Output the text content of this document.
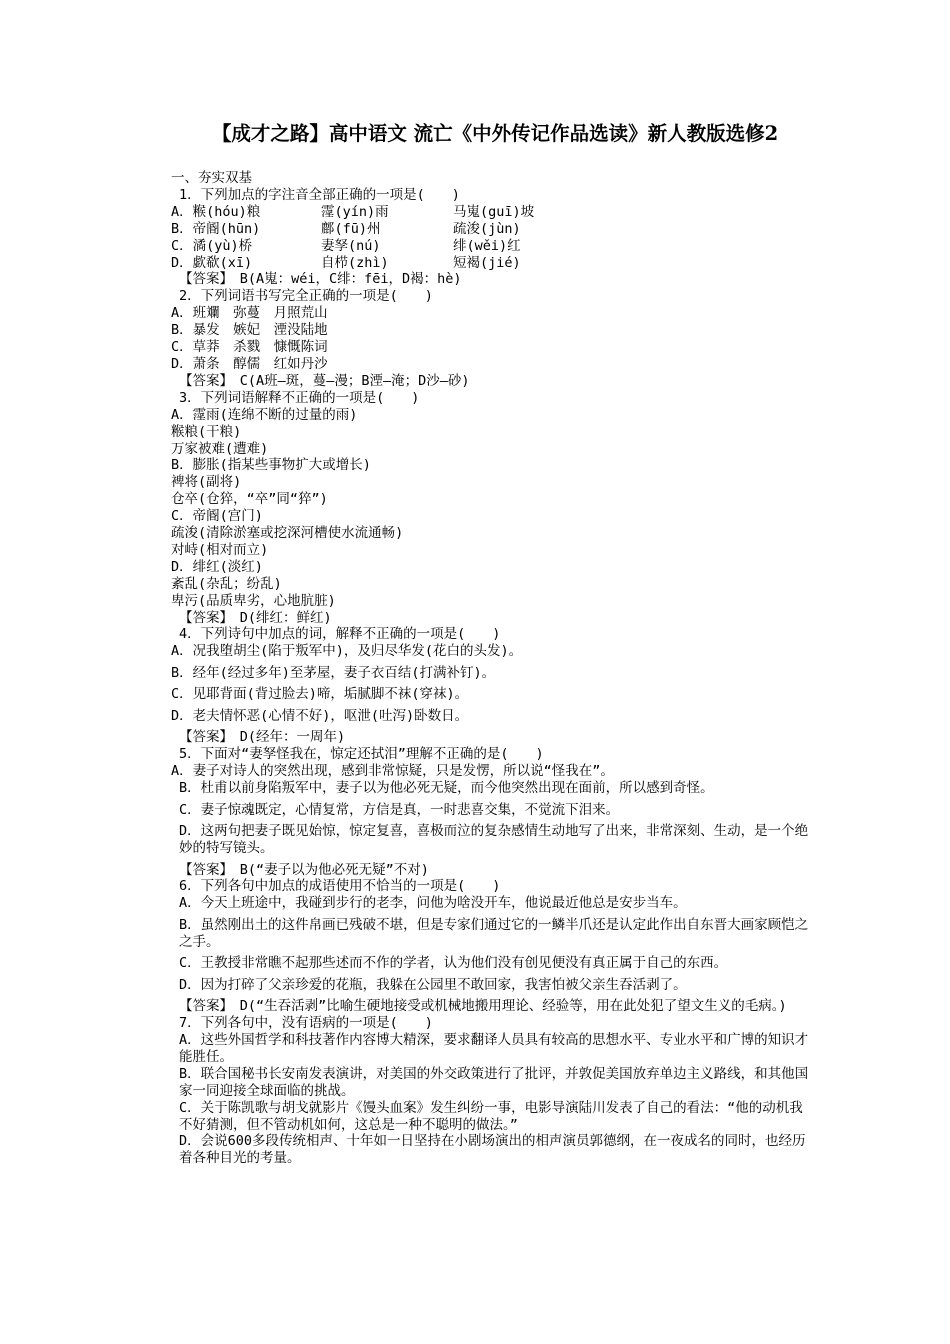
【成才之路】高中语文 流亡《中外传记作品选读》新人教版选修2
一、夯实双基
1．下列加点的字注音全部正确的一项是(　　)
A．糇(hóu)粮	霪(yín)雨	马嵬(guī)坡
B．帝阍(hūn)	鄜(fū)州	疏浚(jùn)
C．潏(yù)桥	妻孥(nú)	绯(wěi)红
D．歔欷(xī)	自栉(zhì)	短褐(jié)
【答案】　B(A嵬：wéi，C绯：fēi，D褐：hè)
2．下列词语书写完全正确的一项是(　　)
A．班斕　弥蔓　月照荒山
B．暴发　嫉妃　湮没陆地
C．草莽　杀戮　慷慨陈词
D．萧条　醇儒　红如丹沙
【答案】　C(A班—斑，蔓—漫；B湮—淹；D沙—砂)
3．下列词语解释不正确的一项是(　　)
A．霪雨(连绵不断的过量的雨)
糇粮(干粮)
万家被难(遭难)
B．膨胀(指某些事物扩大或增长)
裨将(副将)
仓卒(仓猝，“卒”同“猝”)
C．帝阍(宫门)
疏浚(清除淤塞或挖深河槽使水流通畅)
对峙(相对而立)
D．绯红(淡红)
紊乱(杂乱；纷乱)
卑污(品质卑劣，心地肮脏)
【答案】　D(绯红：鲜红)
4．下列诗句中加点的词，解释不正确的一项是(　　)
A．况我堕胡尘(陷于叛军中)，及归尽华发(花白的头发)。
B．经年(经过多年)至茅屋，妻子衣百结(打满补钉)。
C．见耶背面(背过脸去)啼，垢腻脚不袜(穿袜)。
D．老夫情怀恶(心情不好)，呕泄(吐泻)卧数日。
【答案】　D(经年：一周年)
5．下面对“妻孥怪我在，惊定还拭泪”理解不正确的是(　　)
A．妻子对诗人的突然出现，感到非常惊疑，只是发愣，所以说“怪我在”。
B．杜甫以前身陷叛军中，妻子以为他必死无疑，而今他突然出现在面前，所以感到奇怪。
C．妻子惊魂既定，心情复常，方信是真，一时悲喜交集，不觉流下泪来。
D．这两句把妻子既见始惊，惊定复喜，喜极而泣的复杂感情生动地写了出来，非常深刻、生动，是一个绝妙的特写镜头。
【答案】　B(“妻子以为他必死无疑”不对)
6．下列各句中加点的成语使用不恰当的一项是(　　)
A．今天上班途中，我碰到步行的老李，问他为啥没开车，他说最近他总是安步当车。
B．虽然刚出土的这件帛画已残破不堪，但是专家们通过它的一鳞半爪还是认定此作出自东晋大画家顾恺之之手。
C．王教授非常瞧不起那些述而不作的学者，认为他们没有创见便没有真正属于自己的东西。
D．因为打碎了父亲珍爱的花瓶，我躲在公园里不敢回家，我害怕被父亲生吞活剥了。
【答案】　D(“生吞活剥”比喻生硬地接受或机械地搬用理论、经验等，用在此处犯了望文生义的毛病。)
7．下列各句中，没有语病的一项是(　　)
A．这些外国哲学和科技著作内容博大精深，要求翻译人员具有较高的思想水平、专业水平和广博的知识才能胜任。
B．联合国秘书长安南发表演讲，对美国的外交政策进行了批评，并敦促美国放弃单边主义路线，和其他国家一同迎接全球面临的挑战。
C．关于陈凯歌与胡戈就影片《馒头血案》发生纠纷一事，电影导演陆川发表了自己的看法：“他的动机我不好猜测，但不管动机如何，这总是一种不聪明的做法。”
D．会说600多段传统相声、十年如一日坚持在小剧场演出的相声演员郭德纲，在一夜成名的同时，也经历着各种目光的考量。
